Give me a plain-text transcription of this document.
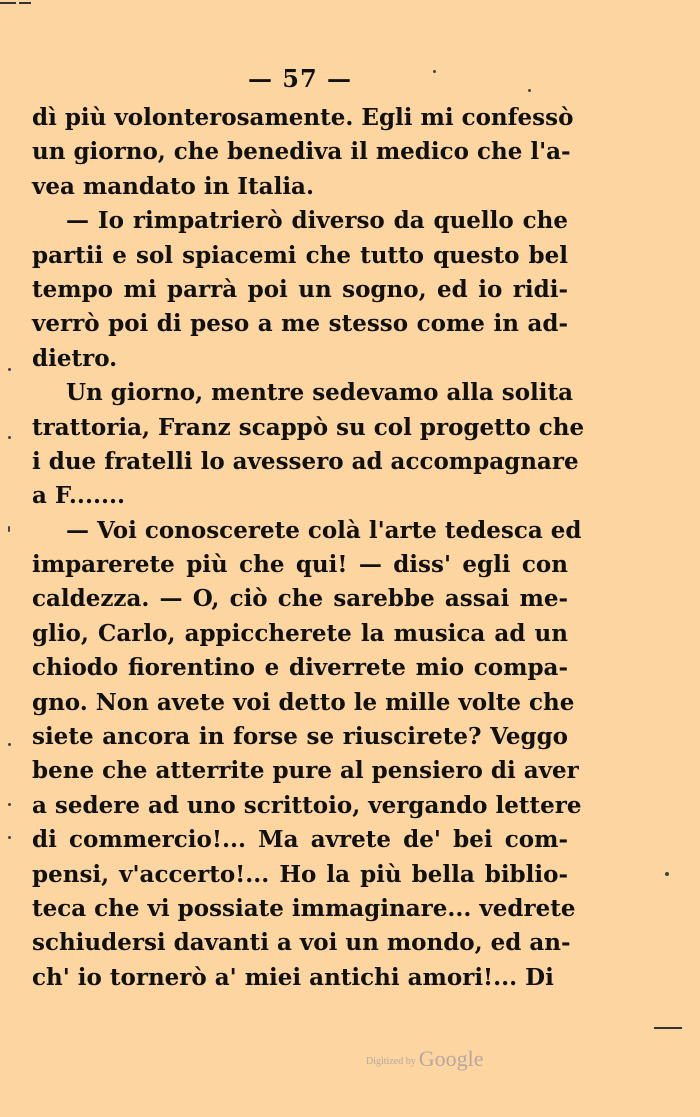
— 57 —
dì più volonterosamente. Egli mi confessò
un giorno, che benediva il medico che l'a-
vea mandato in Italia.
— Io rimpatrierò diverso da quello che
partii e sol spiacemi che tutto questo bel
tempo mi parrà poi un sogno, ed io ridi-
verrò poi di peso a me stesso come in ad-
dietro.
Un giorno, mentre sedevamo alla solita
trattoria, Franz scappò su col progetto che
i due fratelli lo avessero ad accompagnare
a F.......
— Voi conoscerete colà l'arte tedesca ed
imparerete più che qui! — diss' egli con
caldezza. — O, ciò che sarebbe assai me-
glio, Carlo, appiccherete la musica ad un
chiodo fiorentino e diverrete mio compa-
gno. Non avete voi detto le mille volte che
siete ancora in forse se riuscirete? Veggo
bene che atterrite pure al pensiero di aver
a sedere ad uno scrittoio, vergando lettere
di commercio!... Ma avrete de' bei com-
pensi, v'accerto!... Ho la più bella biblio-
teca che vi possiate immaginare... vedrete
schiudersi davanti a voi un mondo, ed an-
ch' io tornerò a' miei antichi amori!... Di
Digitized by Google
